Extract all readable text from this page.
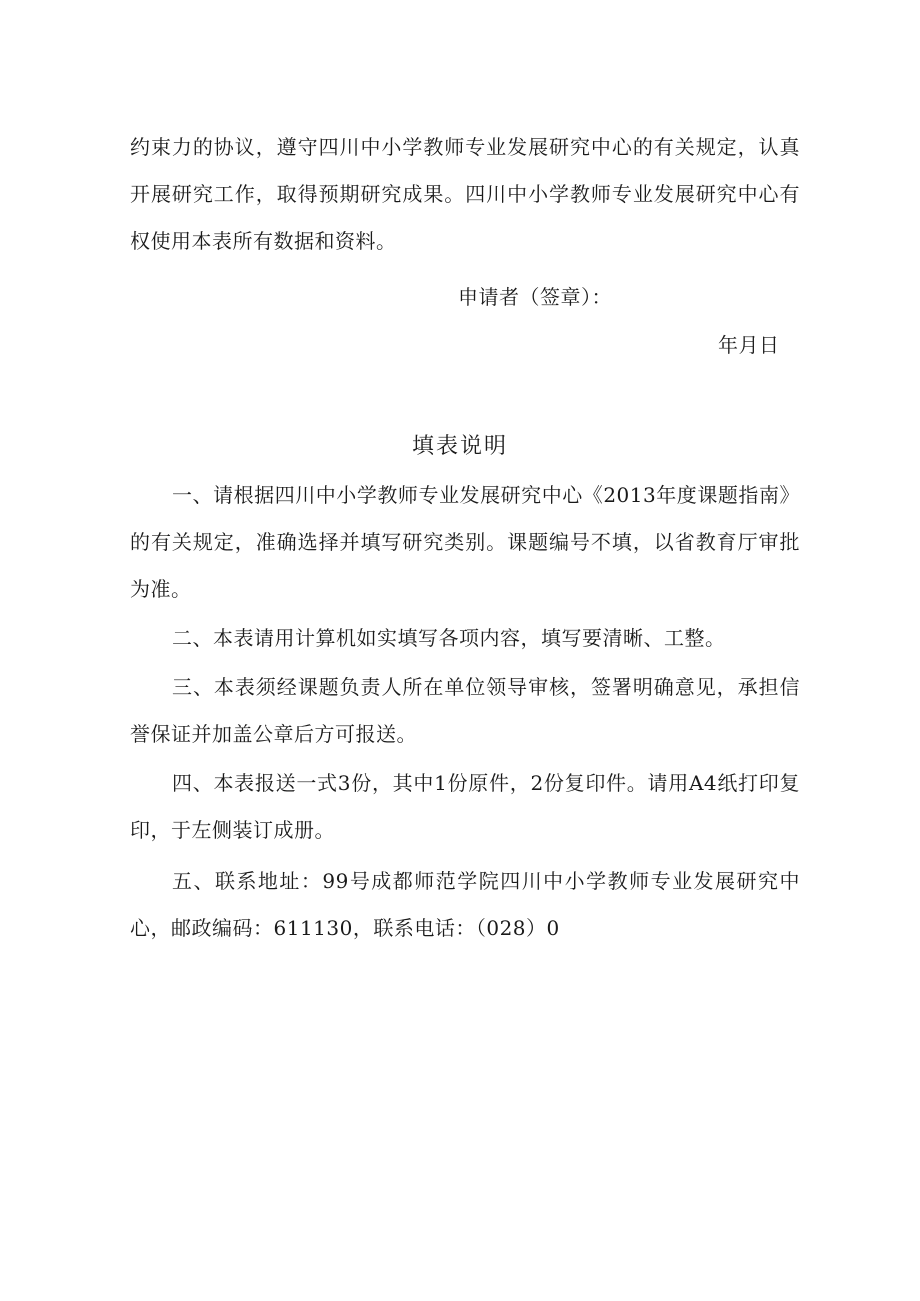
约束力的协议，遵守四川中小学教师专业发展研究中心的有关规定，认真开展研究工作，取得预期研究成果。四川中小学教师专业发展研究中心有权使用本表所有数据和资料。

申请者（签章）：
年月日
填表说明

一、请根据四川中小学教师专业发展研究中心《2013年度课题指南》的有关规定，准确选择并填写研究类别。课题编号不填，以省教育厅审批为准。

二、本表请用计算机如实填写各项内容，填写要清晰、工整。

三、本表须经课题负责人所在单位领导审核，签署明确意见，承担信誉保证并加盖公章后方可报送。

四、本表报送一式3份，其中1份原件，2份复印件。请用A4纸打印复印，于左侧装订成册。

五、联系地址：99号成都师范学院四川中小学教师专业发展研究中心，邮政编码：611130，联系电话：（028）0
